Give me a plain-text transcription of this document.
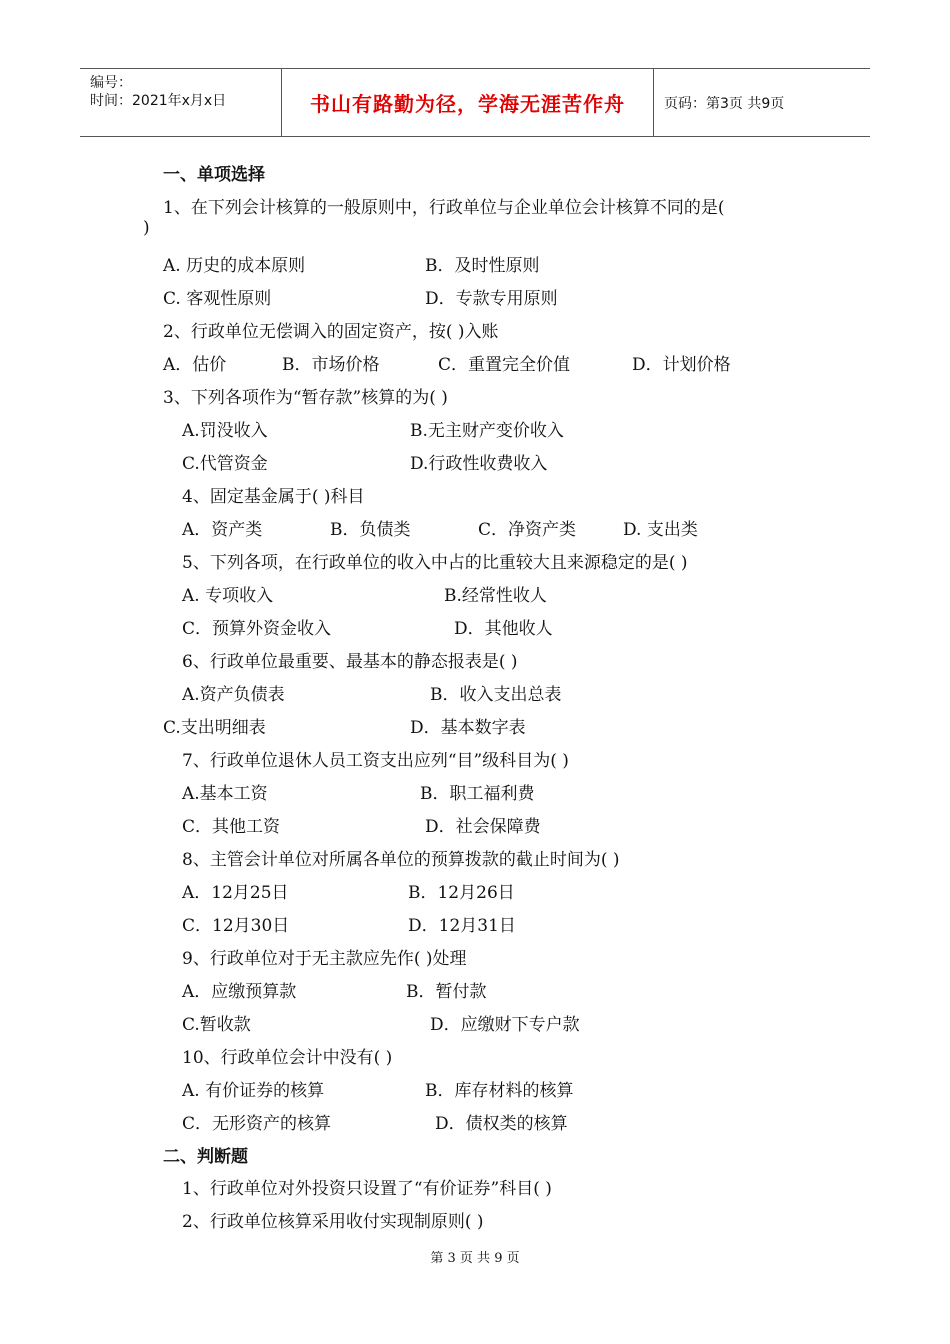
编号：
时间：2021年x月x日	书山有路勤为径，学海无涯苦作舟	页码：第3页 共9页
一、单项选择
1、在下列会计核算的一般原则中，行政单位与企业单位会计核算不同的是(
)
A. 历史的成本原则	B．及时性原则
C. 客观性原则	D．专款专用原则
2、行政单位无偿调入的固定资产，按( )入账
A．估价	B．市场价格	C．重置完全价值	D．计划价格
3、下列各项作为“暂存款”核算的为( )
A.罚没收入	B.无主财产变价收入
C.代管资金	D.行政性收费收入
4、固定基金属于( )科目
A．资产类	B．负债类	C．净资产类	D. 支出类
5、下列各项，在行政单位的收入中占的比重较大且来源稳定的是( )
A. 专项收入	B.经常性收人
C．预算外资金收入	D．其他收人
6、行政单位最重要、最基本的静态报表是( )
A.资产负债表	B．收入支出总表
C.支出明细表	D．基本数字表
7、行政单位退休人员工资支出应列“目”级科目为( )
A.基本工资	B．职工福利费
C．其他工资	D．社会保障费
8、主管会计单位对所属各单位的预算拨款的截止时间为( )
A．12月25日	B．12月26日
C．12月30日	D．12月31日
9、行政单位对于无主款应先作( )处理
A．应缴预算款	B．暂付款
C.暂收款	D．应缴财下专户款
10、行政单位会计中没有( )
A. 有价证券的核算	B．库存材料的核算
C．无形资产的核算	D．债权类的核算
二、判断题
1、行政单位对外投资只设置了“有价证券”科目( )
2、行政单位核算采用收付实现制原则( )
第 3 页 共 9 页
